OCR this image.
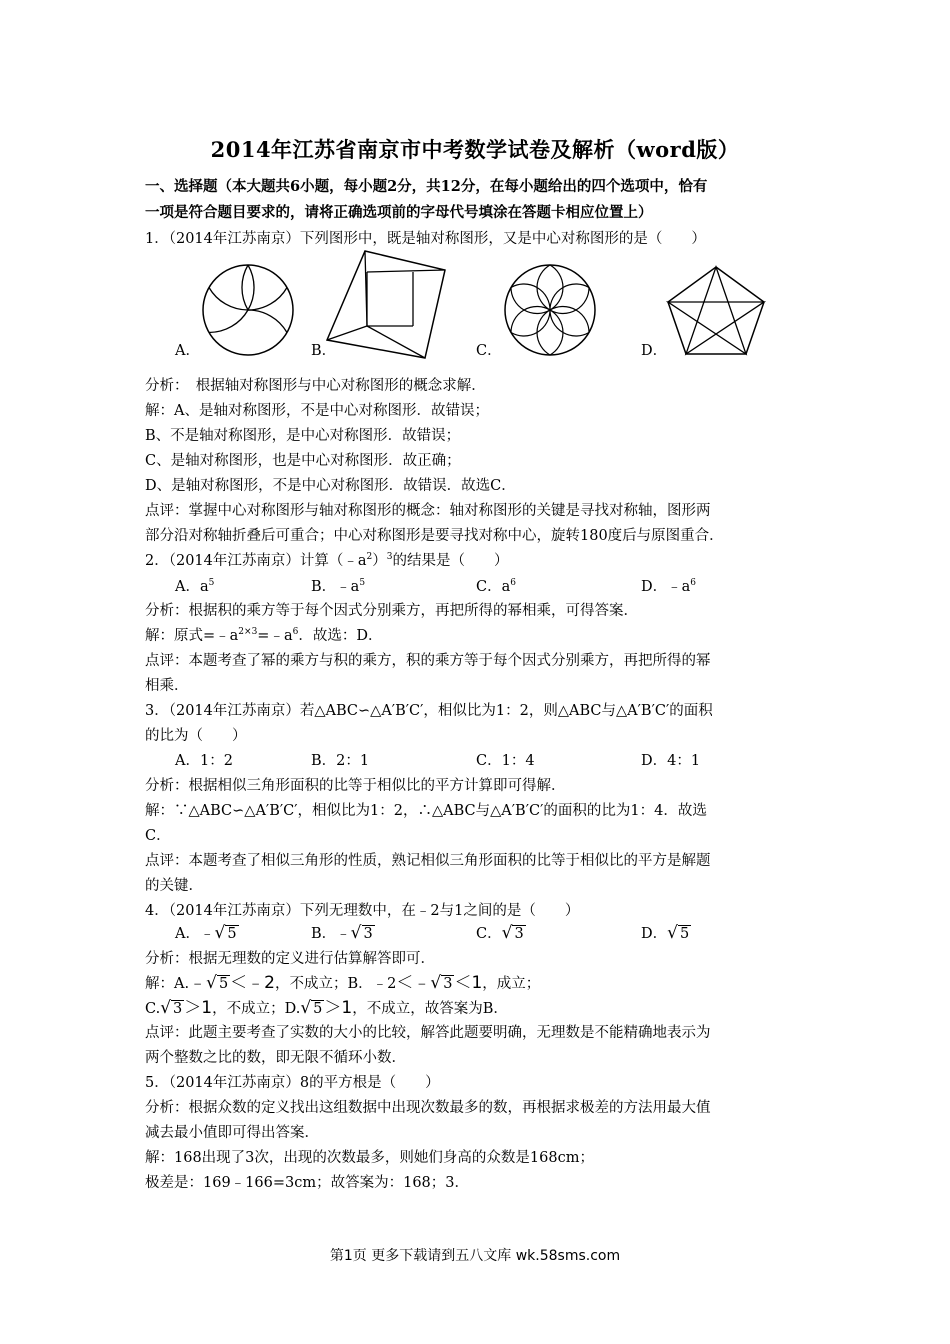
2014年江苏省南京市中考数学试卷及解析（word版）
一、选择题（本大题共6小题，每小题2分，共12分，在每小题给出的四个选项中，恰有
一项是符合题目要求的，请将正确选项前的字母代号填涂在答题卡相应位置上）
1．（2014年江苏南京）下列图形中，既是轴对称图形，又是中心对称图形的是（　　）
A．	B．	C．	D．
分析：　根据轴对称图形与中心对称图形的概念求解．
解：A、是轴对称图形，不是中心对称图形．故错误；
B、不是轴对称图形，是中心对称图形．故错误；
C、是轴对称图形，也是中心对称图形．故正确；
D、是轴对称图形，不是中心对称图形．故错误．故选C．
点评：掌握中心对称图形与轴对称图形的概念：轴对称图形的关键是寻找对称轴，图形两
部分沿对称轴折叠后可重合；中心对称图形是要寻找对称中心，旋转180度后与原图重合．
2．（2014年江苏南京）计算$(﹣a^2)^3$的结果是（　　）
A．$a^5$	B．$﹣a^5$	C．$a^6$	D．$﹣a^6$
分析：根据积的乘方等于每个因式分别乘方，再把所得的幂相乘，可得答案．
解：原式$=﹣a^{2\times 3}=﹣a^6$．故选：D．
点评：本题考查了幂的乘方与积的乘方，积的乘方等于每个因式分别乘方，再把所得的幂
相乘．
3．（2014年江苏南京）若△ABC∽△A′B′C′，相似比为1：2，则△ABC与△A′B′C′的面积
的比为（　　）
A．1：2	B．2：1	C．1：4	D．4：1
分析：根据相似三角形面积的比等于相似比的平方计算即可得解．
解：∵△ABC∽△A′B′C′，相似比为1：2，∴△ABC与△A′B′C′的面积的比为1：4．故选
C．
点评：本题考查了相似三角形的性质，熟记相似三角形面积的比等于相似比的平方是解题
的关键．
4．（2014年江苏南京）下列无理数中，在﹣2与1之间的是（　　）
A．﹣√ 5	B．﹣√ 3	C．√ 3	D．√ 5
分析：根据无理数的定义进行估算解答即可．
解：A.﹣√ 5 ＜﹣2，不成立；B．﹣2＜﹣√ 3 ＜1，成立；
C.√ 3 ＞1，不成立；D.√ 5 ＞1，不成立，故答案为B．
点评：此题主要考查了实数的大小的比较，解答此题要明确，无理数是不能精确地表示为
两个整数之比的数，即无限不循环小数．
5．（2014年江苏南京）8的平方根是（　　）
分析：根据众数的定义找出这组数据中出现次数最多的数，再根据求极差的方法用最大值
减去最小值即可得出答案．
解：168出现了3次，出现的次数最多，则她们身高的众数是168cm；
极差是：169﹣166=3cm；故答案为：168；3．
第1页 更多下载请到五八文库 wk.58sms.com
